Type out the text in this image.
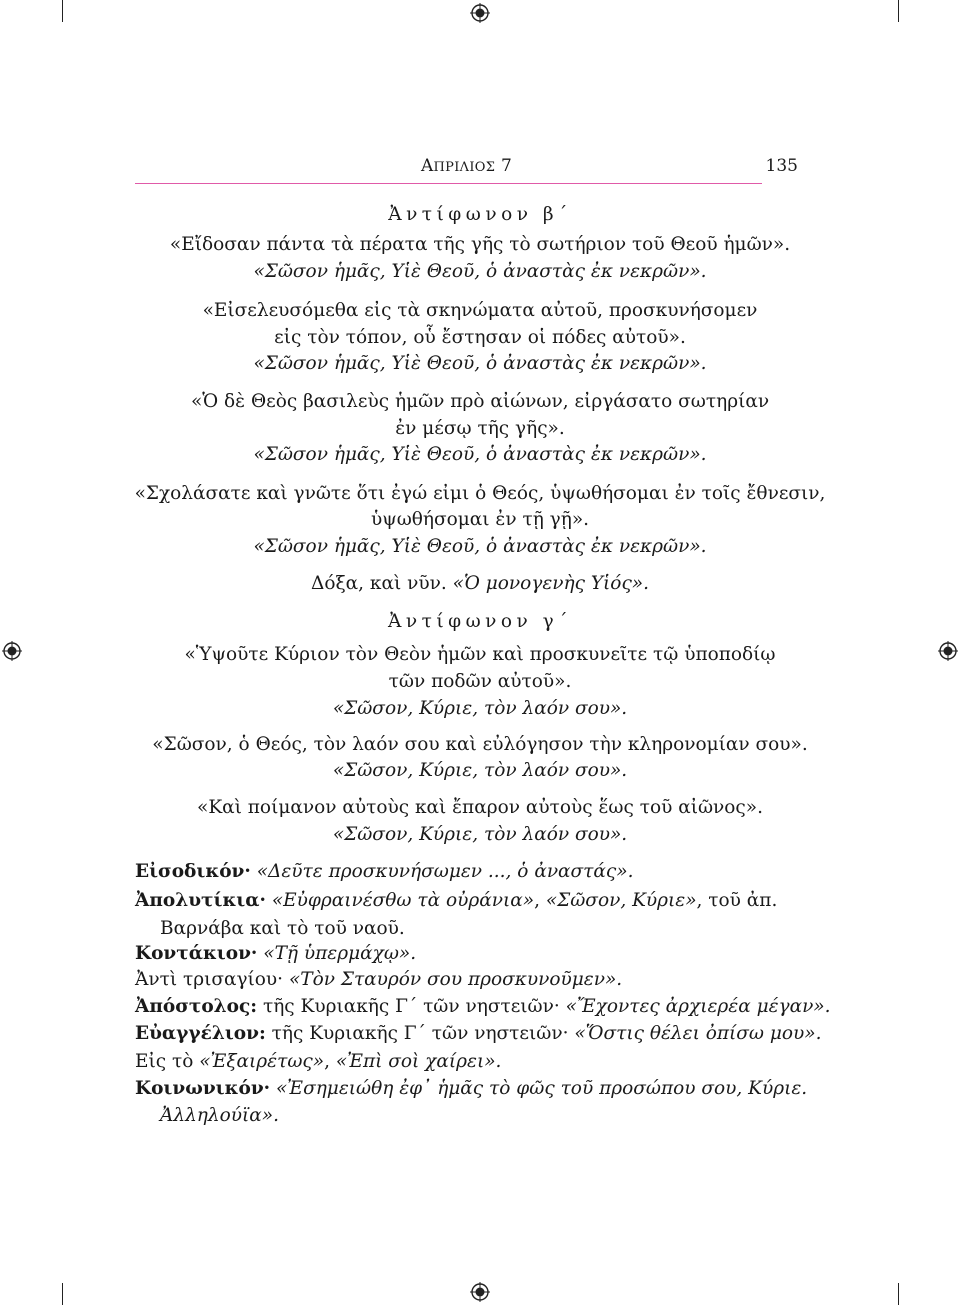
ΑΠΡΙΛΙΟΣ 7	135
Ἀντίφωνον β΄
«Εἴδοσαν πάντα τὰ πέρατα τῆς γῆς τὸ σωτήριον τοῦ Θεοῦ ἡμῶν».
«Σῶσον ἡμᾶς, Υἱὲ Θεοῦ, ὁ ἀναστὰς ἐκ νεκρῶν».
«Εἰσελευσόμεθα εἰς τὰ σκηνώματα αὐτοῦ, προσκυνήσομεν
εἰς τὸν τόπον, οὗ ἔστησαν οἱ πόδες αὐτοῦ».
«Σῶσον ἡμᾶς, Υἱὲ Θεοῦ, ὁ ἀναστὰς ἐκ νεκρῶν».
«Ὁ δὲ Θεὸς βασιλεὺς ἡμῶν πρὸ αἰώνων, εἰργάσατο σωτηρίαν
ἐν μέσῳ τῆς γῆς».
«Σῶσον ἡμᾶς, Υἱὲ Θεοῦ, ὁ ἀναστὰς ἐκ νεκρῶν».
«Σχολάσατε καὶ γνῶτε ὅτι ἐγώ εἰμι ὁ Θεός, ὑψωθήσομαι ἐν τοῖς ἔθνεσιν,
ὑψωθήσομαι ἐν τῇ γῇ».
«Σῶσον ἡμᾶς, Υἱὲ Θεοῦ, ὁ ἀναστὰς ἐκ νεκρῶν».
Δόξα, καὶ νῦν. «Ὁ μονογενὴς Υἱός».
Ἀντίφωνον γ΄
«Ὑψοῦτε Κύριον τὸν Θεὸν ἡμῶν καὶ προσκυνεῖτε τῷ ὑποποδίῳ
τῶν ποδῶν αὐτοῦ».
«Σῶσον, Κύριε, τὸν λαόν σου».
«Σῶσον, ὁ Θεός, τὸν λαόν σου καὶ εὐλόγησον τὴν κληρονομίαν σου».
«Σῶσον, Κύριε, τὸν λαόν σου».
«Καὶ ποίμανον αὐτοὺς καὶ ἔπαρον αὐτοὺς ἕως τοῦ αἰῶνος».
«Σῶσον, Κύριε, τὸν λαόν σου».
Εἰσοδικόν· «Δεῦτε προσκυνήσωμεν ..., ὁ ἀναστάς».
Ἀπολυτίκια· «Εὐφραινέσθω τὰ οὐράνια», «Σῶσον, Κύριε», τοῦ ἀπ.
Βαρνάβα καὶ τὸ τοῦ ναοῦ.
Κοντάκιον· «Τῇ ὑπερμάχῳ».
Ἀντὶ τρισαγίου· «Τὸν Σταυρόν σου προσκυνοῦμεν».
Ἀπόστολος: τῆς Κυριακῆς Γ΄ τῶν νηστειῶν· «Ἔχοντες ἀρχιερέα μέγαν».
Εὐαγγέλιον: τῆς Κυριακῆς Γ΄ τῶν νηστειῶν· «Ὅστις θέλει ὀπίσω μου».
Εἰς τὸ «Ἐξαιρέτως», «Ἐπὶ σοὶ χαίρει».
Κοινωνικόν· «Ἐσημειώθη ἐφ᾿ ἡμᾶς τὸ φῶς τοῦ προσώπου σου, Κύριε.
Ἀλληλούϊα».
